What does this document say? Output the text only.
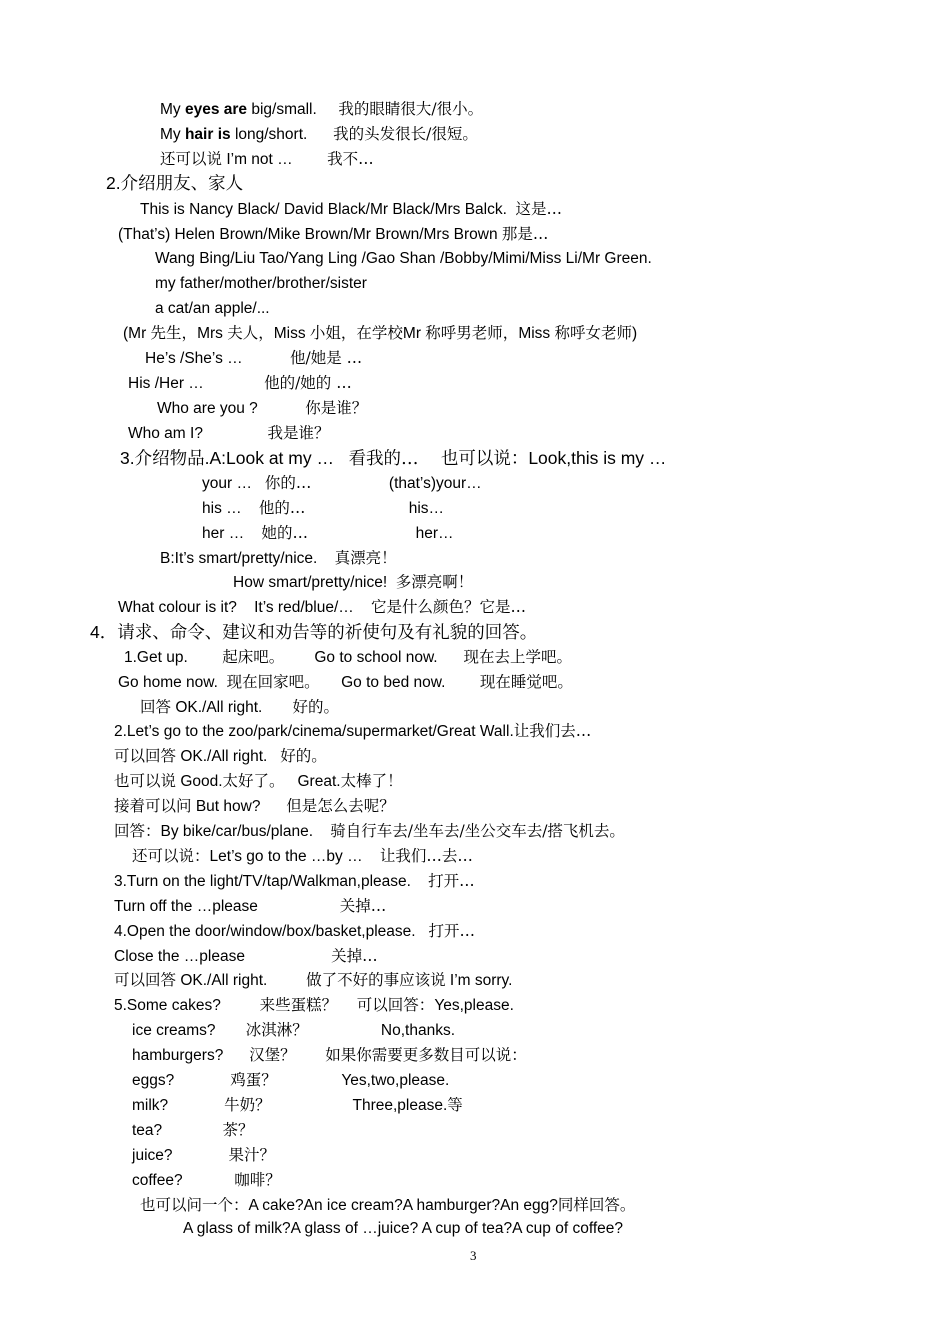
My eyes are big/small.     我的眼睛很大/很小。
My hair is long/short.      我的头发很长/很短。
还可以说 I’m not …        我不…
2.介绍朋友、家人
This is Nancy Black/ David Black/Mr Black/Mrs Balck.  这是…
(That’s) Helen Brown/Mike Brown/Mr Brown/Mrs Brown 那是…
Wang Bing/Liu Tao/Yang Ling /Gao Shan /Bobby/Mimi/Miss Li/Mr Green.
my father/mother/brother/sister
a cat/an apple/...
(Mr 先生，Mrs 夫人，Miss 小姐，在学校Mr 称呼男老师，Miss 称呼女老师)
He’s /She’s …           他/她是 …
His /Her …              他的/她的 …
Who are you ?           你是谁？
Who am I?               我是谁？
3.介绍物品.A:Look at my …   看我的…    也可以说：Look,this is my …
your …   你的…                  (that’s)your…
his …    他的…                        his…
her …    她的…                         her…
B:It’s smart/pretty/nice.    真漂亮！
How smart/pretty/nice!  多漂亮啊！
What colour is it?    It’s red/blue/…    它是什么颜色？它是…
4．请求、命令、建议和劝告等的祈使句及有礼貌的回答。
1.Get up.        起床吧。       Go to school now.      现在去上学吧。
Go home now.  现在回家吧。     Go to bed now.        现在睡觉吧。
回答 OK./All right.       好的。
2.Let’s go to the zoo/park/cinema/supermarket/Great Wall.让我们去…
可以回答 OK./All right.   好的。
也可以说 Good.太好了。   Great.太棒了！
接着可以问 But how?      但是怎么去呢？
回答：By bike/car/bus/plane.    骑自行车去/坐车去/坐公交车去/搭飞机去。
还可以说：Let’s go to the …by …    让我们…去…
3.Turn on the light/TV/tap/Walkman,please.    打开…
Turn off the …please                   关掉…
4.Open the door/window/box/basket,please.   打开…
Close the …please                    关掉…
可以回答 OK./All right.         做了不好的事应该说 I’m sorry.
5.Some cakes?         来些蛋糕？    可以回答：Yes,please.
ice creams?       冰淇淋？                 No,thanks.
hamburgers?      汉堡？      如果你需要更多数目可以说：
eggs?             鸡蛋？               Yes,two,please.
milk?             牛奶？                   Three,please.等
tea?              茶？
juice?             果汁？
coffee?            咖啡？
也可以问一个：A cake?An ice cream?A hamburger?An egg?同样回答。
A glass of milk?A glass of …juice? A cup of tea?A cup of coffee?
3
